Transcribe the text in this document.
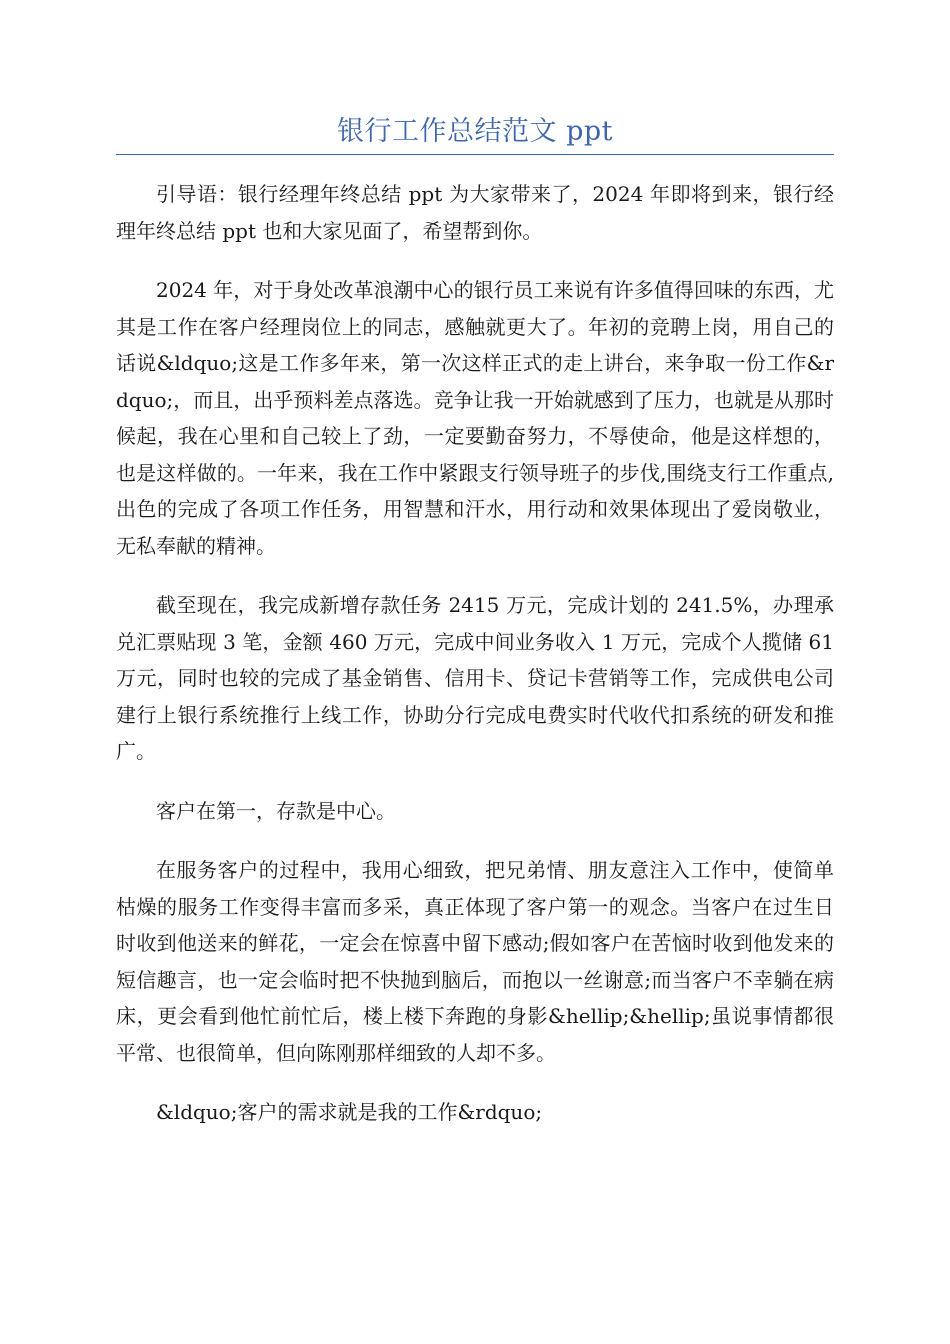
银行工作总结范文 ppt

引导语：银行经理年终总结 ppt 为大家带来了，2024 年即将到来，银行经理年终总结 ppt 也和大家见面了，希望帮到你。

2024 年，对于身处改革浪潮中心的银行员工来说有许多值得回味的东西，尤其是工作在客户经理岗位上的同志，感触就更大了。年初的竞聘上岗，用自己的话说&ldquo;这是工作多年来，第一次这样正式的走上讲台，来争取一份工作&rdquo;，而且，出乎预料差点落选。竞争让我一开始就感到了压力，也就是从那时候起，我在心里和自己较上了劲，一定要勤奋努力，不辱使命，他是这样想的，也是这样做的。一年来，我在工作中紧跟支行领导班子的步伐,围绕支行工作重点,出色的完成了各项工作任务，用智慧和汗水，用行动和效果体现出了爱岗敬业，无私奉献的精神。

截至现在，我完成新增存款任务 2415 万元，完成计划的 241.5%，办理承兑汇票贴现 3 笔，金额 460 万元，完成中间业务收入 1 万元，完成个人揽储 61 万元，同时也较的完成了基金销售、信用卡、贷记卡营销等工作，完成供电公司建行上银行系统推行上线工作，协助分行完成电费实时代收代扣系统的研发和推广。

客户在第一，存款是中心。

在服务客户的过程中，我用心细致，把兄弟情、朋友意注入工作中，使简单枯燥的服务工作变得丰富而多采，真正体现了客户第一的观念。当客户在过生日时收到他送来的鲜花，一定会在惊喜中留下感动;假如客户在苦恼时收到他发来的短信趣言，也一定会临时把不快抛到脑后，而抱以一丝谢意;而当客户不幸躺在病床，更会看到他忙前忙后，楼上楼下奔跑的身影&hellip;&hellip;虽说事情都很平常、也很简单，但向陈刚那样细致的人却不多。

&ldquo;客户的需求就是我的工作&rdquo;
